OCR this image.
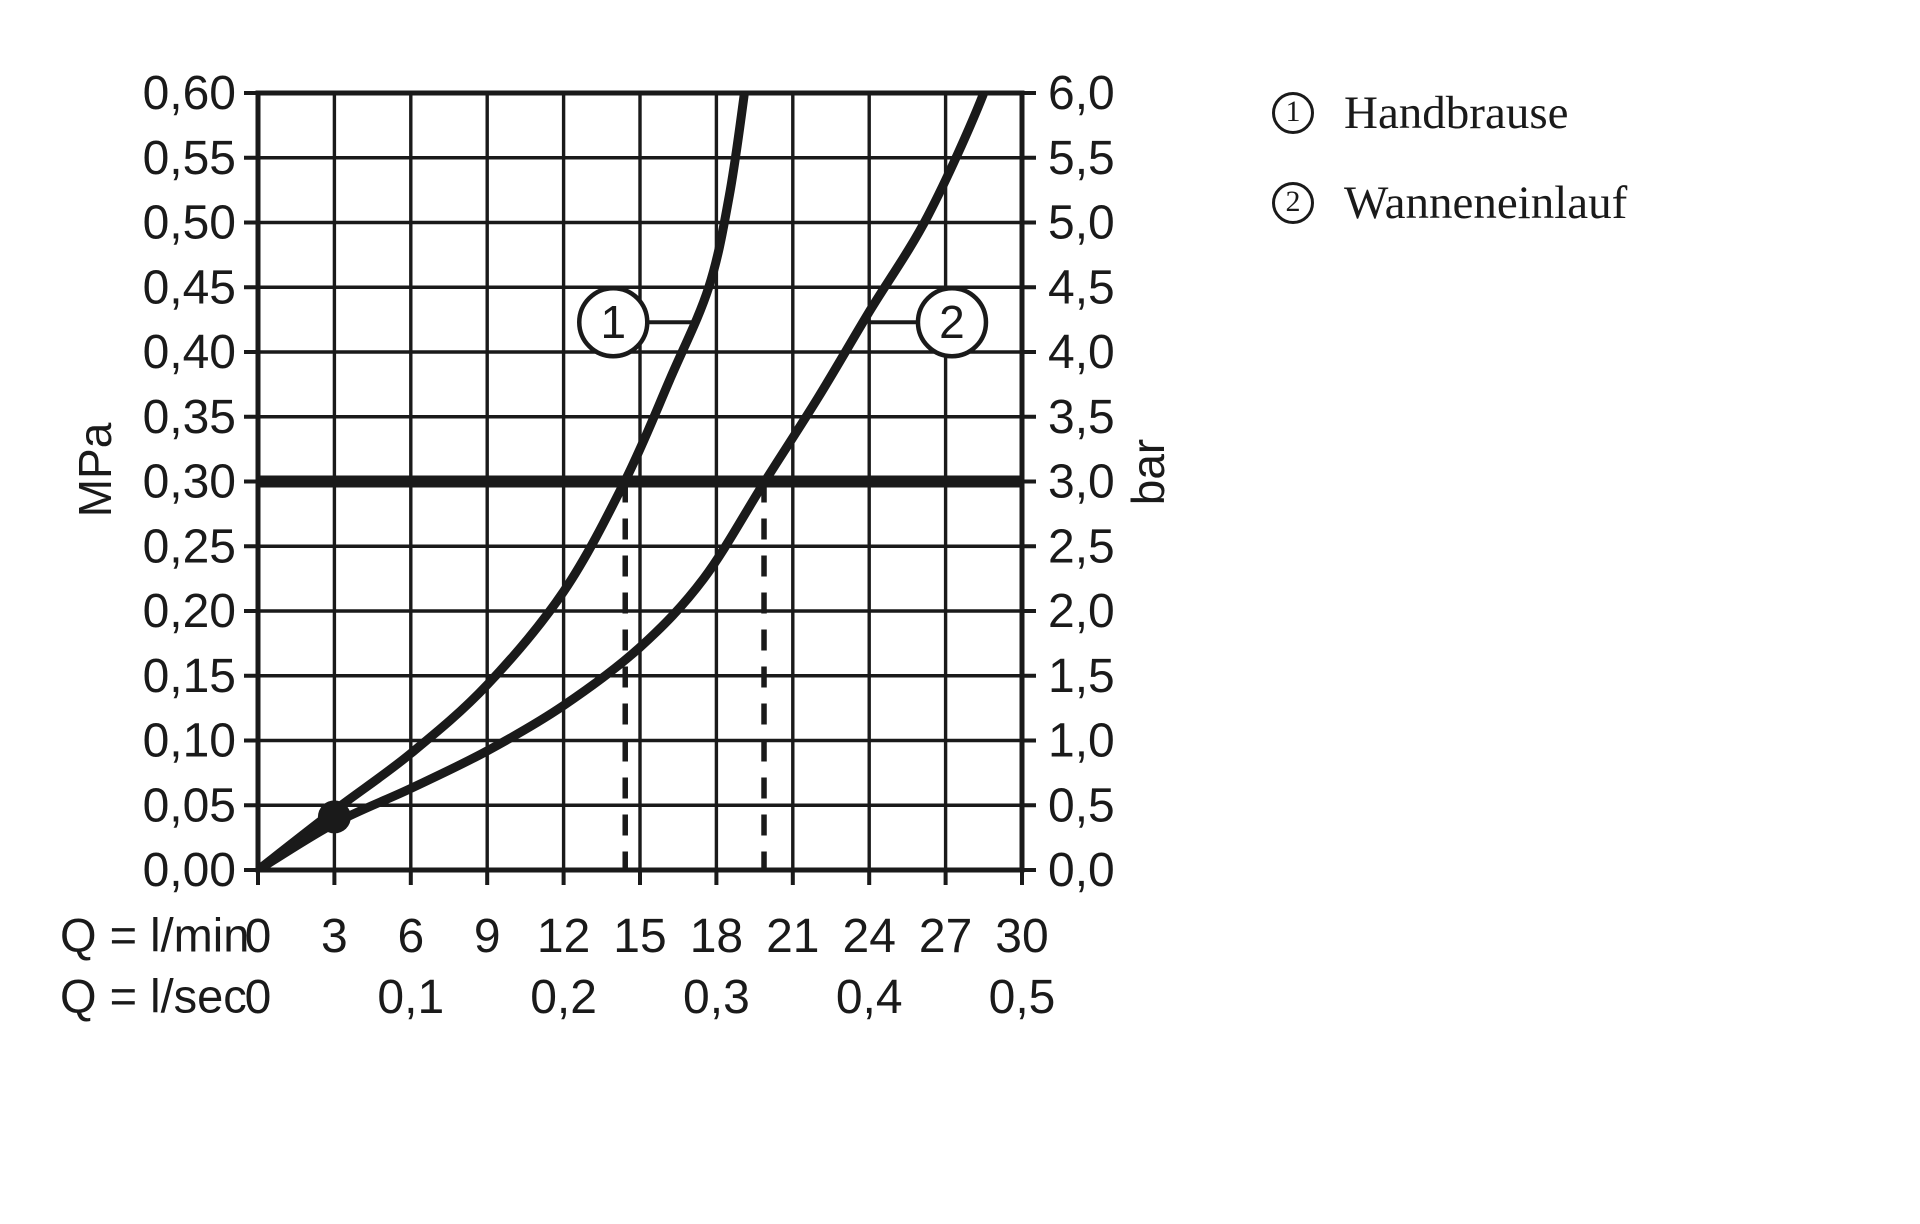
0,60
0,55
0,50
0,45
0,40
0,35
0,30
0,25
0,20
0,15
0,10
0,05
0,00
6,0
5,5
5,0
4,5
4,0
3,5
3,0
2,5
2,0
1,5
1,0
0,5
0,0
0 3 6 9 12 15 18 21 24 27 30
0 0,1 0,2 0,3 0,4 0,5
1	2
MPa	bar
Q = l/min
Q = l/sec
1 Handbrause
2 Wanneneinlauf
